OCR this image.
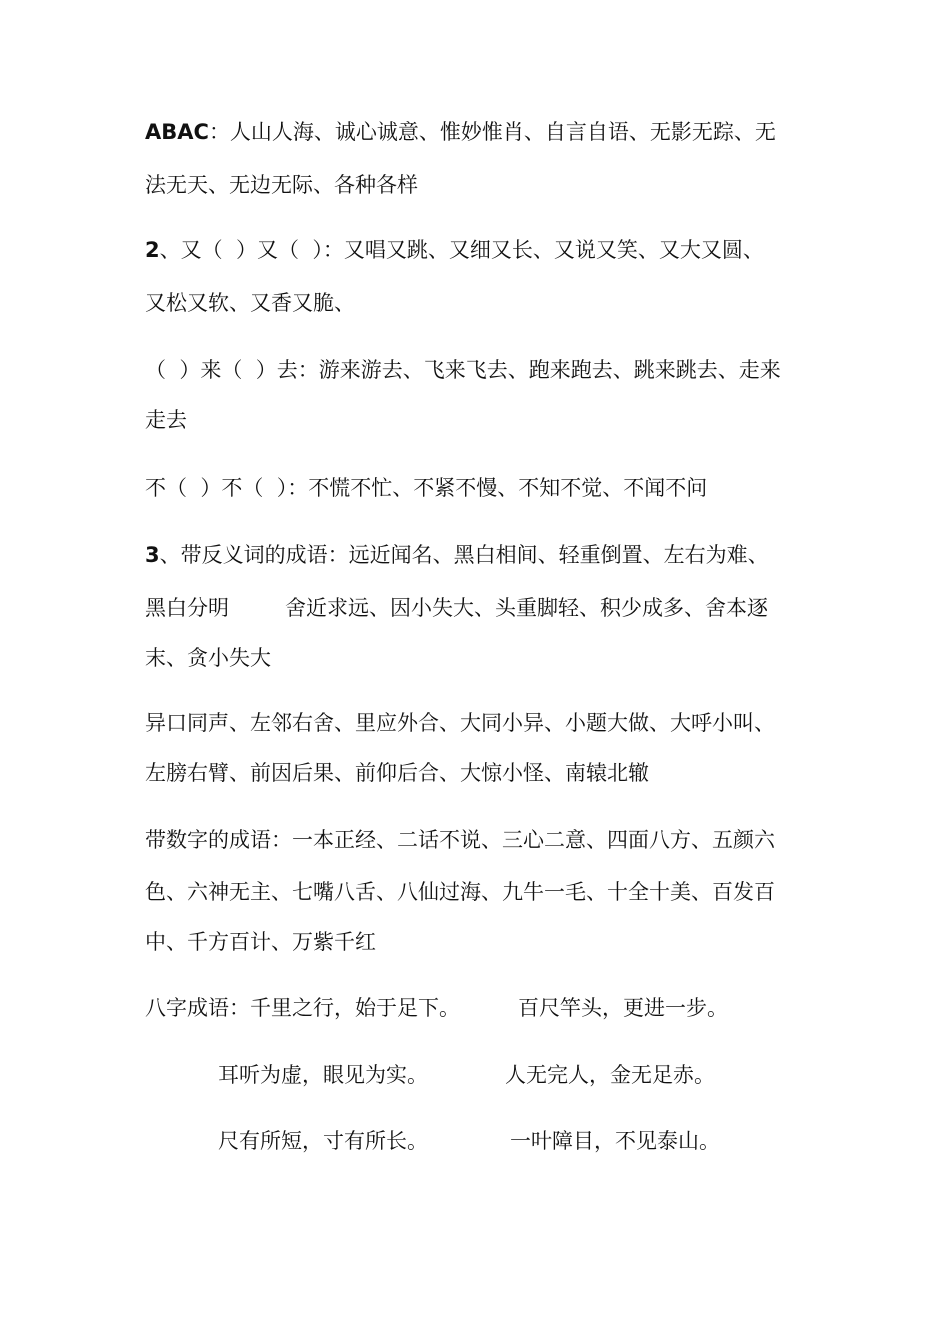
ABAC：人山人海、诚心诚意、惟妙惟肖、自言自语、无影无踪、无
法无天、无边无际、各种各样
2、又（  ）又（  ）：又唱又跳、又细又长、又说又笑、又大又圆、
又松又软、又香又脆、
（  ）来（  ）去：游来游去、飞来飞去、跑来跑去、跳来跳去、走来
走去
不（  ）不（  ）：不慌不忙、不紧不慢、不知不觉、不闻不问
3、带反义词的成语：远近闻名、黑白相间、轻重倒置、左右为难、
黑白分明	舍近求远、因小失大、头重脚轻、积少成多、舍本逐
末、贪小失大
异口同声、左邻右舍、里应外合、大同小异、小题大做、大呼小叫、
左膀右臂、前因后果、前仰后合、大惊小怪、南辕北辙
带数字的成语：一本正经、二话不说、三心二意、四面八方、五颜六
色、六神无主、七嘴八舌、八仙过海、九牛一毛、十全十美、百发百
中、千方百计、万紫千红
八字成语：千里之行，始于足下。	百尺竿头，更进一步。
耳听为虚，眼见为实。	人无完人，金无足赤。
尺有所短，寸有所长。	一叶障目，不见泰山。
